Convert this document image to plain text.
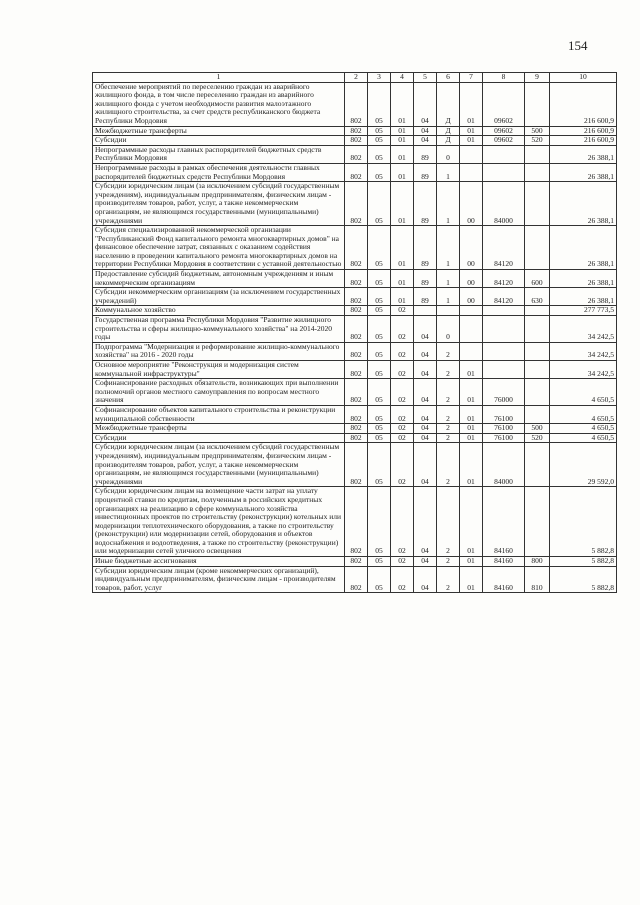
154
1	2	3	4	5	6	7	8	9	10
Обеспечение мероприятий по переселению граждан из аварийного жилищного фонда, в том числе переселению граждан из аварийного жилищного фонда с учетом необходимости развития малоэтажного жилищного строительства, за счет средств республиканского бюджета Республики Мордовия	802	05	01	04	Д	01	09602		216 600,9
Межбюджетные трансферты	802	05	01	04	Д	01	09602	500	216 600,9
Субсидии	802	05	01	04	Д	01	09602	520	216 600,9
Непрограммные расходы главных распорядителей бюджетных средств Республики Мордовия	802	05	01	89	0				26 388,1
Непрограммные расходы в рамках обеспечения деятельности главных распорядителей бюджетных средств Республики Мордовия	802	05	01	89	1				26 388,1
Субсидии юридическим лицам (за исключением субсидий государственным учреждениям), индивидуальным предпринимателям, физическим лицам - производителям товаров, работ, услуг, а также некоммерческим организациям, не являющимся государственными (муниципальными) учреждениями	802	05	01	89	1	00	84000		26 388,1
Субсидия специализированной некоммерческой организации "Республиканский Фонд капитального ремонта многоквартирных домов" на финансовое обеспечение затрат, связанных с оказанием содействия населению в проведении капитального ремонта многоквартирных домов на территории Республики Мордовия в соответствии с уставной деятельностью	802	05	01	89	1	00	84120		26 388,1
Предоставление субсидий бюджетным, автономным учреждениям и иным некоммерческим организациям	802	05	01	89	1	00	84120	600	26 388,1
Субсидии некоммерческим организациям (за исключением государственных учреждений)	802	05	01	89	1	00	84120	630	26 388,1
Коммунальное хозяйство	802	05	02						277 773,5
Государственная программа Республики Мордовия "Развитие жилищного строительства и сферы жилищно-коммунального хозяйства" на 2014-2020 годы	802	05	02	04	0				34 242,5
Подпрограмма "Модернизация и реформирование жилищно-коммунального хозяйства" на 2016 - 2020 годы	802	05	02	04	2				34 242,5
Основное мероприятие "Реконструкция и модернизация систем коммунальной инфраструктуры"	802	05	02	04	2	01			34 242,5
Софинансирование расходных обязательств, возникающих при выполнении полномочий органов местного самоуправления по вопросам местного значения	802	05	02	04	2	01	76000		4 650,5
Софинансирование объектов капитального строительства и реконструкции муниципальной собственности	802	05	02	04	2	01	76100		4 650,5
Межбюджетные трансферты	802	05	02	04	2	01	76100	500	4 650,5
Субсидии	802	05	02	04	2	01	76100	520	4 650,5
Субсидии юридическим лицам (за исключением субсидий государственным учреждениям), индивидуальным предпринимателям, физическим лицам - производителям товаров, работ, услуг, а также некоммерческим организациям, не являющимся государственными (муниципальными) учреждениями	802	05	02	04	2	01	84000		29 592,0
Субсидии юридическим лицам на возмещение части затрат на уплату процентной ставки по кредитам, полученным в российских кредитных организациях на реализацию в сфере коммунального хозяйства инвестиционных проектов по строительству (реконструкции) котельных или модернизации теплотехнического оборудования, а также по строительству (реконструкции) или модернизации сетей, оборудования и объектов водоснабжения и водоотведения, а также по строительству (реконструкции) или модернизации сетей уличного освещения	802	05	02	04	2	01	84160		5 882,8
Иные бюджетные ассигнования	802	05	02	04	2	01	84160	800	5 882,8
Субсидии юридическим лицам (кроме некоммерческих организаций), индивидуальным предпринимателям, физическим лицам - производителям товаров, работ, услуг	802	05	02	04	2	01	84160	810	5 882,8
